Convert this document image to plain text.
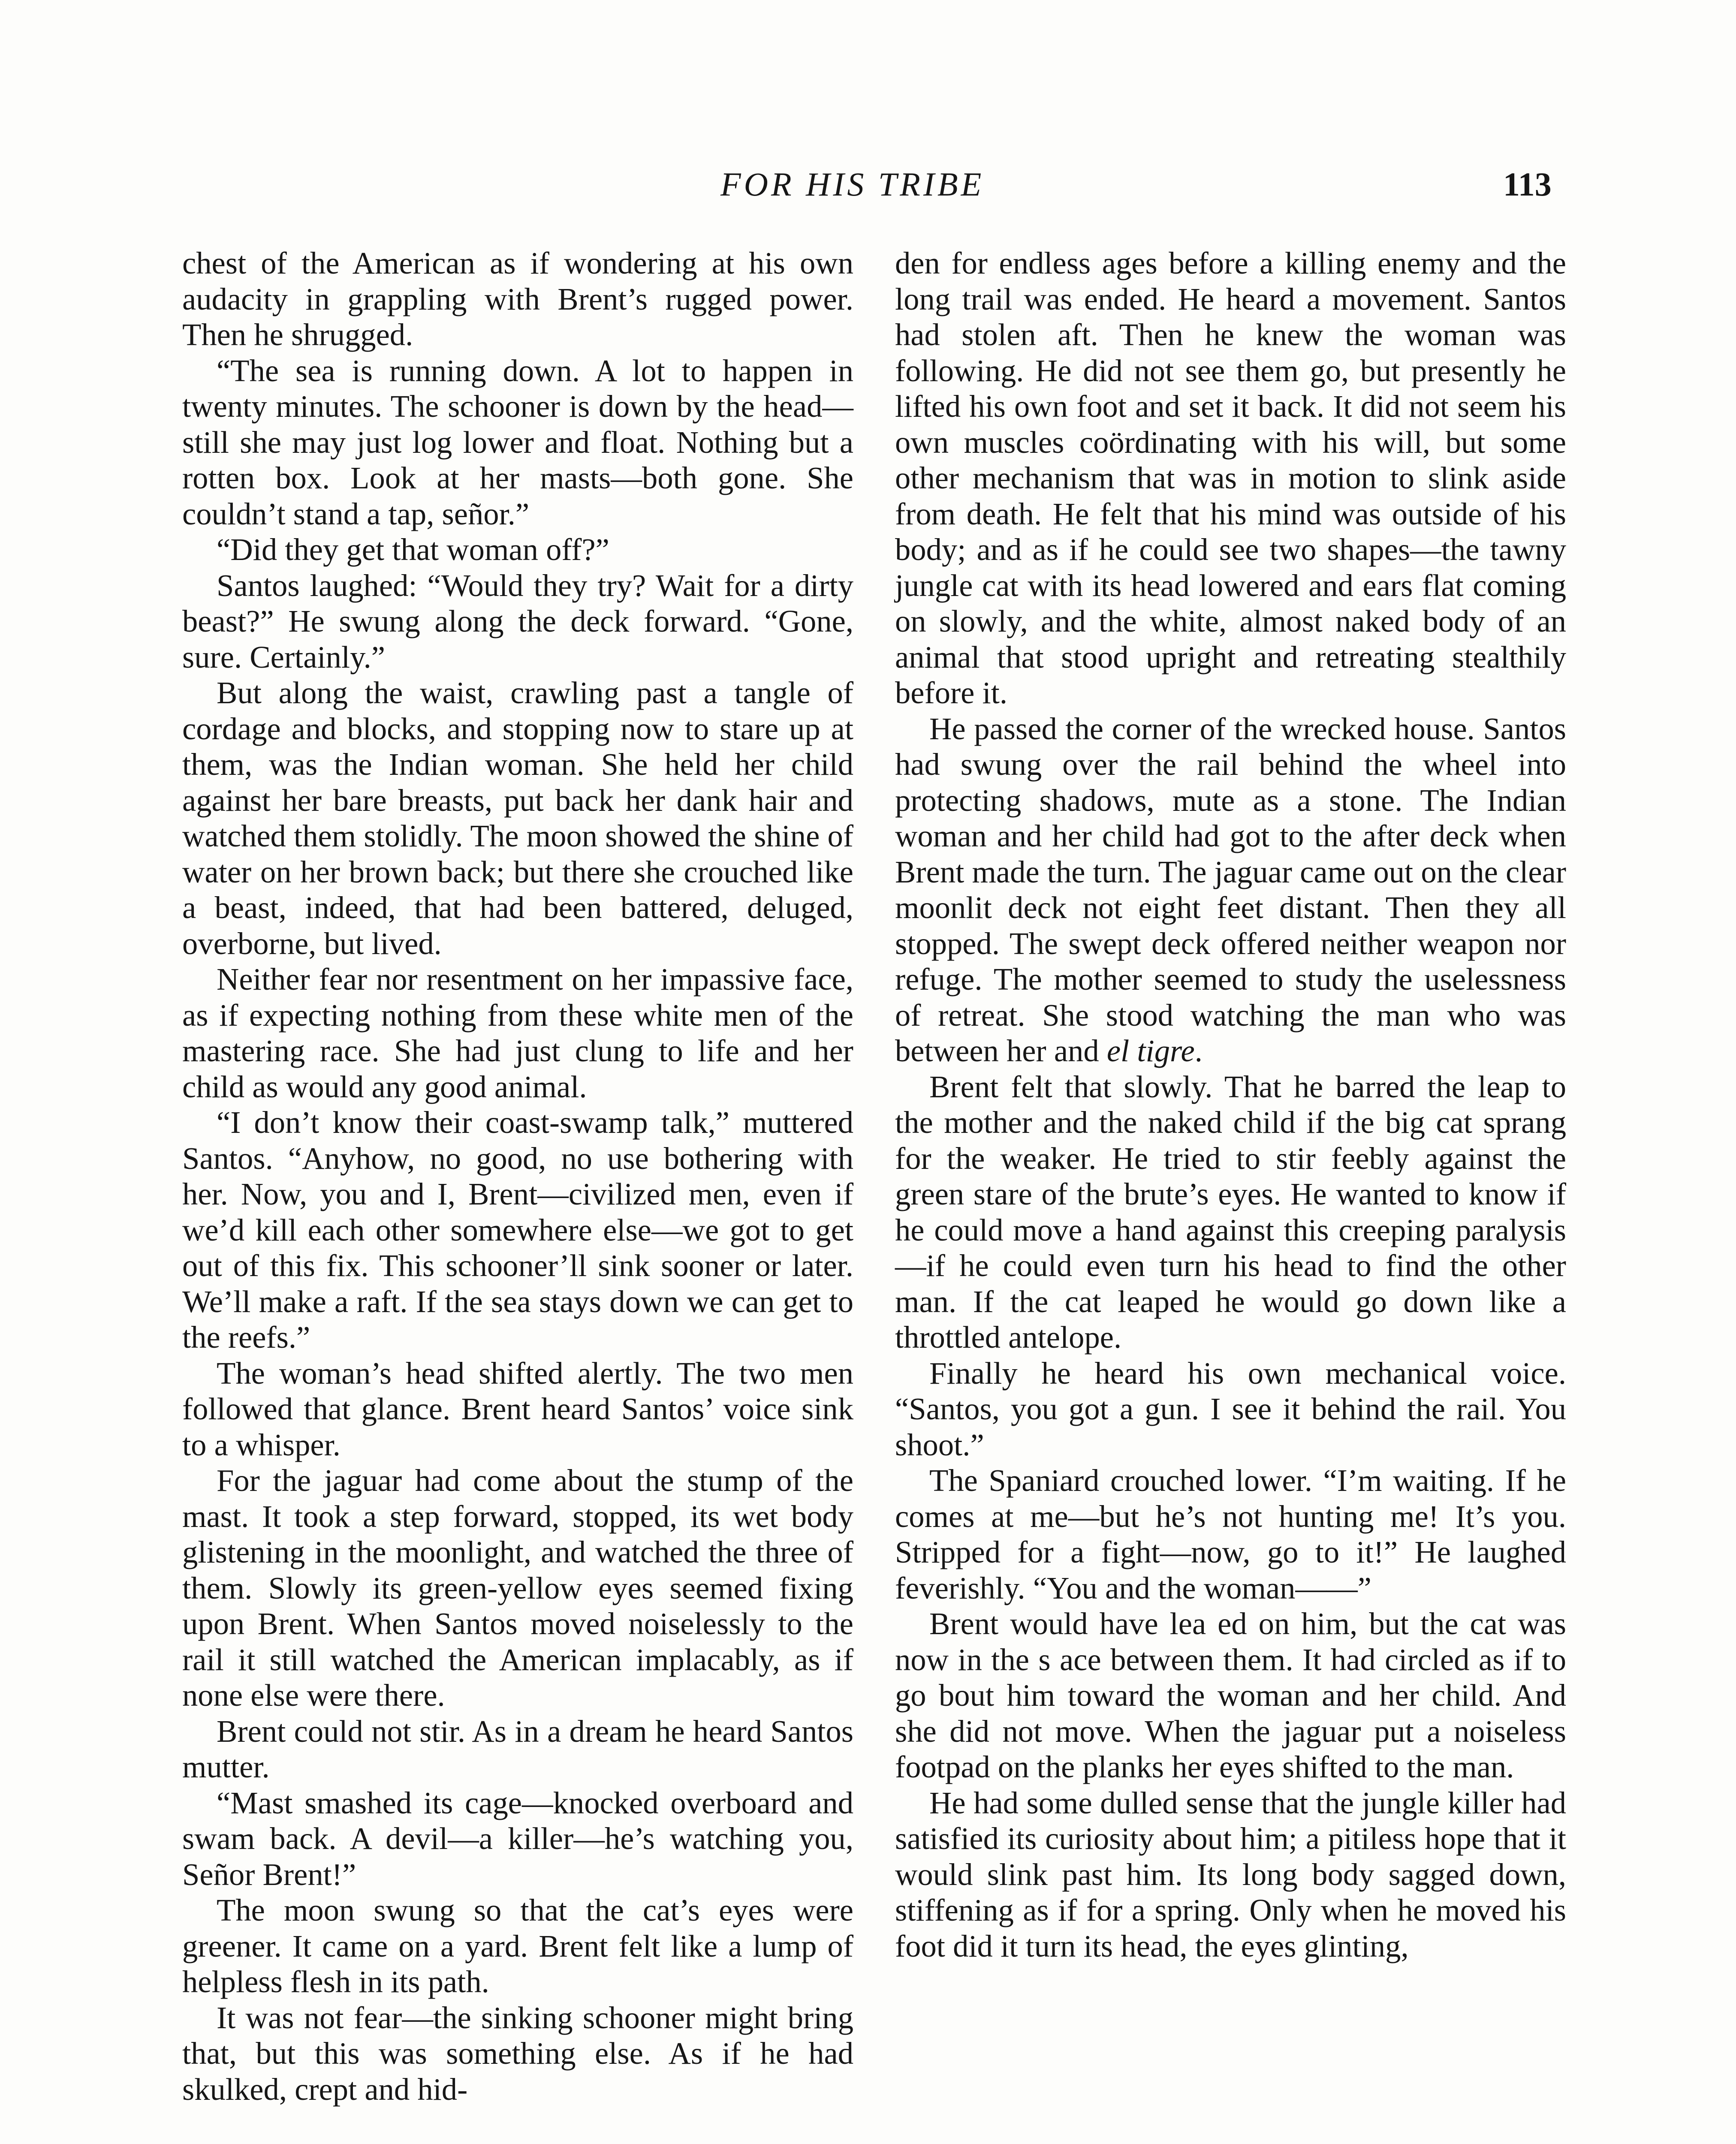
FOR HIS TRIBE	113

chest of the American as if wondering at his own audacity in grappling with Brent’s rugged power. Then he shrugged.

“The sea is running down. A lot to happen in twenty minutes. The schooner is down by the head—still she may just log lower and float. Nothing but a rotten box. Look at her masts—both gone. She couldn’t stand a tap, señor.”

“Did they get that woman off?”

Santos laughed: “Would they try? Wait for a dirty beast?” He swung along the deck forward. “Gone, sure. Certainly.”

But along the waist, crawling past a tangle of cordage and blocks, and stopping now to stare up at them, was the Indian woman. She held her child against her bare breasts, put back her dank hair and watched them stolidly. The moon showed the shine of water on her brown back; but there she crouched like a beast, indeed, that had been battered, deluged, overborne, but lived.

Neither fear nor resentment on her impassive face, as if expecting nothing from these white men of the mastering race. She had just clung to life and her child as would any good animal.

“I don’t know their coast-swamp talk,” muttered Santos. “Anyhow, no good, no use bothering with her. Now, you and I, Brent—civilized men, even if we’d kill each other somewhere else—we got to get out of this fix. This schooner’ll sink sooner or later. We’ll make a raft. If the sea stays down we can get to the reefs.”

The woman’s head shifted alertly. The two men followed that glance. Brent heard Santos’ voice sink to a whisper.

For the jaguar had come about the stump of the mast. It took a step forward, stopped, its wet body glistening in the moonlight, and watched the three of them. Slowly its green-yellow eyes seemed fixing upon Brent. When Santos moved noiselessly to the rail it still watched the American implacably, as if none else were there.

Brent could not stir. As in a dream he heard Santos mutter.

“Mast smashed its cage—knocked overboard and swam back. A devil—a killer—he’s watching you, Señor Brent!”

The moon swung so that the cat’s eyes were greener. It came on a yard. Brent felt like a lump of helpless flesh in its path.

It was not fear—the sinking schooner might bring that, but this was something else. As if he had skulked, crept and hid-

den for endless ages before a killing enemy and the long trail was ended. He heard a movement. Santos had stolen aft. Then he knew the woman was following. He did not see them go, but presently he lifted his own foot and set it back. It did not seem his own muscles coördinating with his will, but some other mechanism that was in motion to slink aside from death. He felt that his mind was outside of his body; and as if he could see two shapes—the tawny jungle cat with its head lowered and ears flat coming on slowly, and the white, almost naked body of an animal that stood upright and retreating stealthily before it.

He passed the corner of the wrecked house. Santos had swung over the rail behind the wheel into protecting shadows, mute as a stone. The Indian woman and her child had got to the after deck when Brent made the turn. The jaguar came out on the clear moonlit deck not eight feet distant. Then they all stopped. The swept deck offered neither weapon nor refuge. The mother seemed to study the uselessness of retreat. She stood watching the man who was between her and el tigre.

Brent felt that slowly. That he barred the leap to the mother and the naked child if the big cat sprang for the weaker. He tried to stir feebly against the green stare of the brute’s eyes. He wanted to know if he could move a hand against this creeping paralysis—if he could even turn his head to find the other man. If the cat leaped he would go down like a throttled antelope.

Finally he heard his own mechanical voice. “Santos, you got a gun. I see it behind the rail. You shoot.”

The Spaniard crouched lower. “I’m waiting. If he comes at me—but he’s not hunting me! It’s you. Stripped for a fight—now, go to it!” He laughed feverishly. “You and the woman——”

Brent would have lea ed on him, but the cat was now in the s ace between them. It had circled as if to go bout him toward the woman and her child. And she did not move. When the jaguar put a noiseless footpad on the planks her eyes shifted to the man.

He had some dulled sense that the jungle killer had satisfied its curiosity about him; a pitiless hope that it would slink past him. Its long body sagged down, stiffening as if for a spring. Only when he moved his foot did it turn its head, the eyes glinting,
